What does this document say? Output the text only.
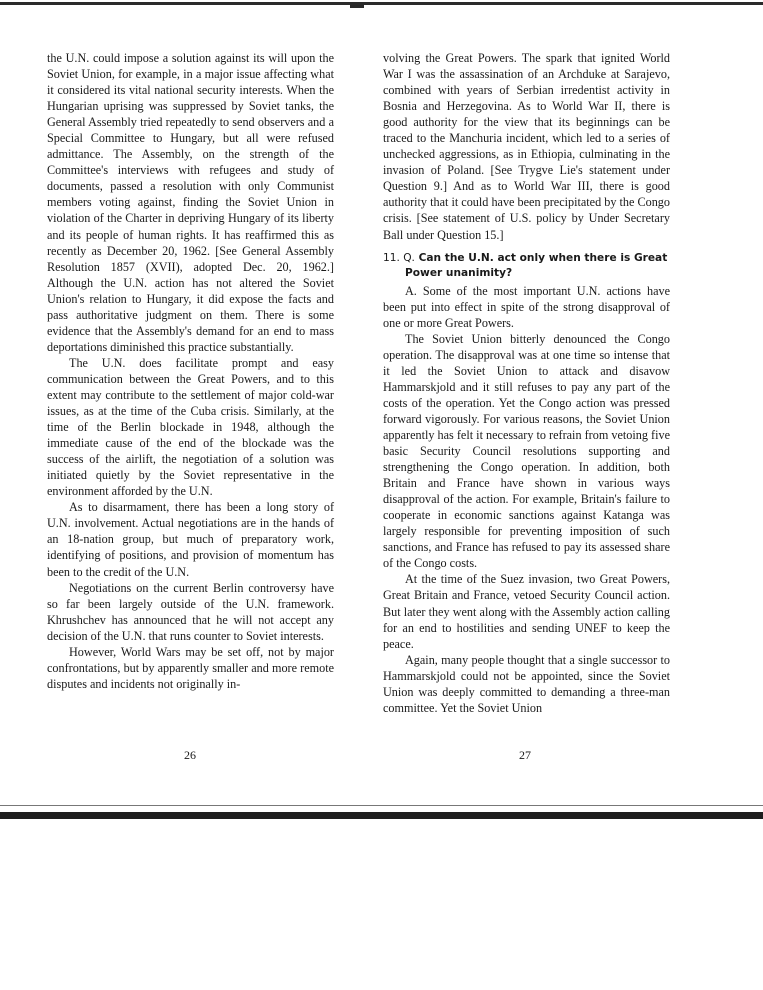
the U.N. could impose a solution against its will upon the Soviet Union, for example, in a major issue affecting what it considered its vital national security interests. When the Hungarian uprising was suppressed by Soviet tanks, the General Assembly tried repeatedly to send observers and a Special Committee to Hungary, but all were refused admittance. The Assembly, on the strength of the Committee's interviews with refugees and study of documents, passed a resolution with only Communist members voting against, finding the Soviet Union in violation of the Charter in depriving Hungary of its liberty and its people of human rights. It has reaffirmed this as recently as December 20, 1962. [See General Assembly Resolution 1857 (XVII), adopted Dec. 20, 1962.] Although the U.N. action has not altered the Soviet Union's relation to Hungary, it did expose the facts and pass authoritative judgment on them. There is some evidence that the Assembly's demand for an end to mass deportations diminished this practice substantially.

The U.N. does facilitate prompt and easy communication between the Great Powers, and to this extent may contribute to the settlement of major cold-war issues, as at the time of the Cuba crisis. Similarly, at the time of the Berlin blockade in 1948, although the immediate cause of the end of the blockade was the success of the airlift, the negotiation of a solution was initiated quietly by the Soviet representative in the environment afforded by the U.N.

As to disarmament, there has been a long story of U.N. involvement. Actual negotiations are in the hands of an 18-nation group, but much of preparatory work, identifying of positions, and provision of momentum has been to the credit of the U.N.

Negotiations on the current Berlin controversy have so far been largely outside of the U.N. framework. Khrushchev has announced that he will not accept any decision of the U.N. that runs counter to Soviet interests.

However, World Wars may be set off, not by major confrontations, but by apparently smaller and more remote disputes and incidents not originally in-

volving the Great Powers. The spark that ignited World War I was the assassination of an Archduke at Sarajevo, combined with years of Serbian irredentist activity in Bosnia and Herzegovina. As to World War II, there is good authority for the view that its beginnings can be traced to the Manchuria incident, which led to a series of unchecked aggressions, as in Ethiopia, culminating in the invasion of Poland. [See Trygve Lie's statement under Question 9.] And as to World War III, there is good authority that it could have been precipitated by the Congo crisis. [See statement of U.S. policy by Under Secretary Ball under Question 15.]

11. Q. Can the U.N. act only when there is Great Power unanimity?

A. Some of the most important U.N. actions have been put into effect in spite of the strong disapproval of one or more Great Powers.

The Soviet Union bitterly denounced the Congo operation. The disapproval was at one time so intense that it led the Soviet Union to attack and disavow Hammarskjold and it still refuses to pay any part of the costs of the operation. Yet the Congo action was pressed forward vigorously. For various reasons, the Soviet Union apparently has felt it necessary to refrain from vetoing five basic Security Council resolutions supporting and strengthening the Congo operation. In addition, both Britain and France have shown in various ways disapproval of the action. For example, Britain's failure to cooperate in economic sanctions against Katanga was largely responsible for preventing imposition of such sanctions, and France has refused to pay its assessed share of the Congo costs.

At the time of the Suez invasion, two Great Powers, Great Britain and France, vetoed Security Council action. But later they went along with the Assembly action calling for an end to hostilities and sending UNEF to keep the peace.

Again, many people thought that a single successor to Hammarskjold could not be appointed, since the Soviet Union was deeply committed to demanding a three-man committee. Yet the Soviet Union

26	27
